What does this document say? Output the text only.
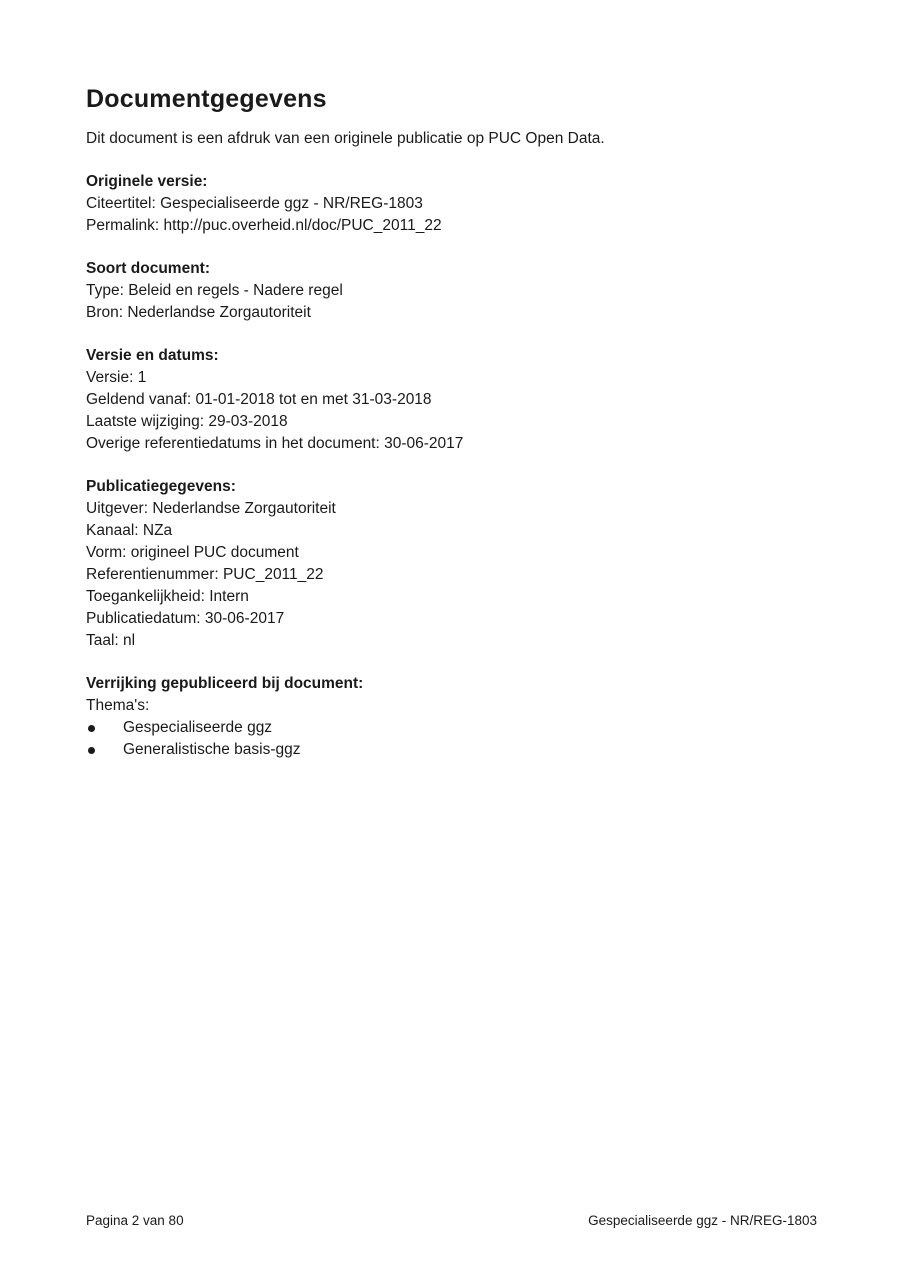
Documentgegevens

Dit document is een afdruk van een originele publicatie op PUC Open Data.

Originele versie:

Citeertitel: Gespecialiseerde ggz - NR/REG-1803

Permalink: http://puc.overheid.nl/doc/PUC_2011_22

Soort document:

Type: Beleid en regels - Nadere regel

Bron: Nederlandse Zorgautoriteit

Versie en datums:

Versie: 1

Geldend vanaf: 01-01-2018 tot en met 31-03-2018

Laatste wijziging: 29-03-2018

Overige referentiedatums in het document: 30-06-2017

Publicatiegegevens:

Uitgever: Nederlandse Zorgautoriteit

Kanaal: NZa

Vorm: origineel PUC document

Referentienummer: PUC_2011_22

Toegankelijkheid: Intern

Publicatiedatum: 30-06-2017

Taal: nl

Verrijking gepubliceerd bij document:

Thema's:

Gespecialiseerde ggz
Generalistische basis-ggz
Pagina 2 van 80	Gespecialiseerde ggz - NR/REG-1803
